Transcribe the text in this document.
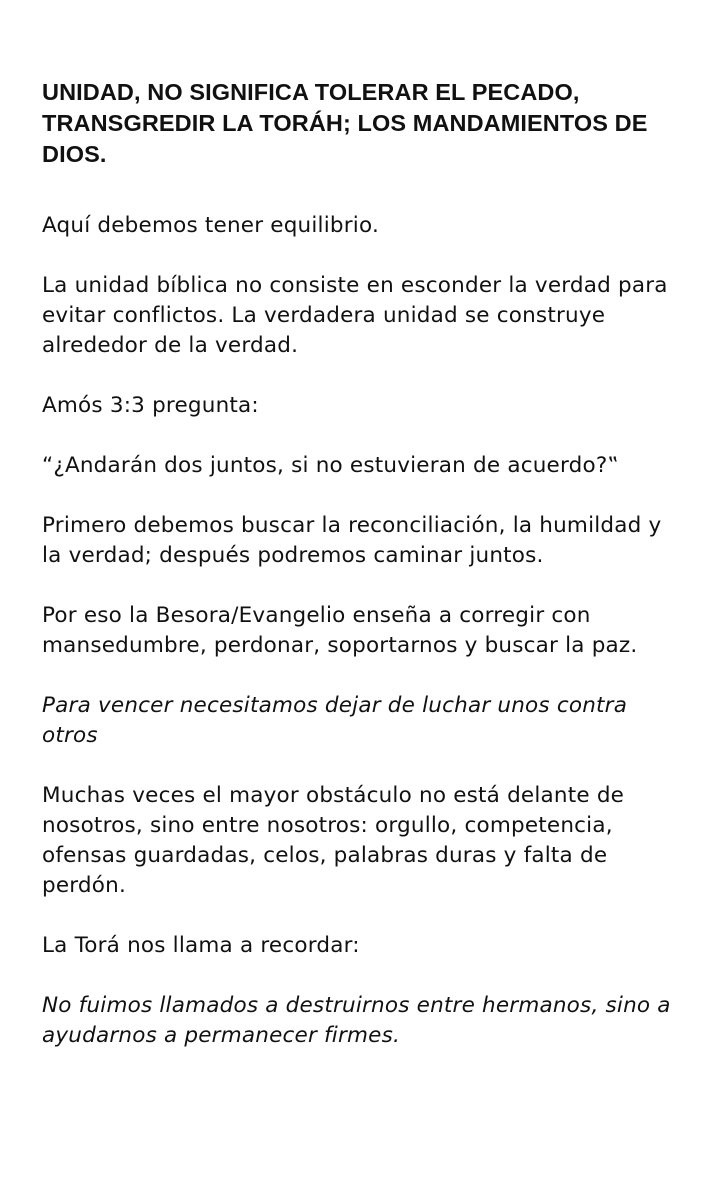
UNIDAD, NO SIGNIFICA TOLERAR EL PECADO, TRANSGREDIR LA TORÁH; LOS MANDAMIENTOS DE DIOS.

Aquí debemos tener equilibrio.

La unidad bíblica no consiste en esconder la verdad para evitar conflictos. La verdadera unidad se construye alrededor de la verdad.

Amós 3:3 pregunta:

“¿Andarán dos juntos, si no estuvieran de acuerdo?‟

Primero debemos buscar la reconciliación, la humildad y la verdad; después podremos caminar juntos.

Por eso la Besora/Evangelio enseña a corregir con mansedumbre, perdonar, soportarnos y buscar la paz.

Para vencer necesitamos dejar de luchar unos contra otros

Muchas veces el mayor obstáculo no está delante de nosotros, sino entre nosotros: orgullo, competencia, ofensas guardadas, celos, palabras duras y falta de perdón.

La Torá nos llama a recordar:

No fuimos llamados a destruirnos entre hermanos, sino a ayudarnos a permanecer firmes.
